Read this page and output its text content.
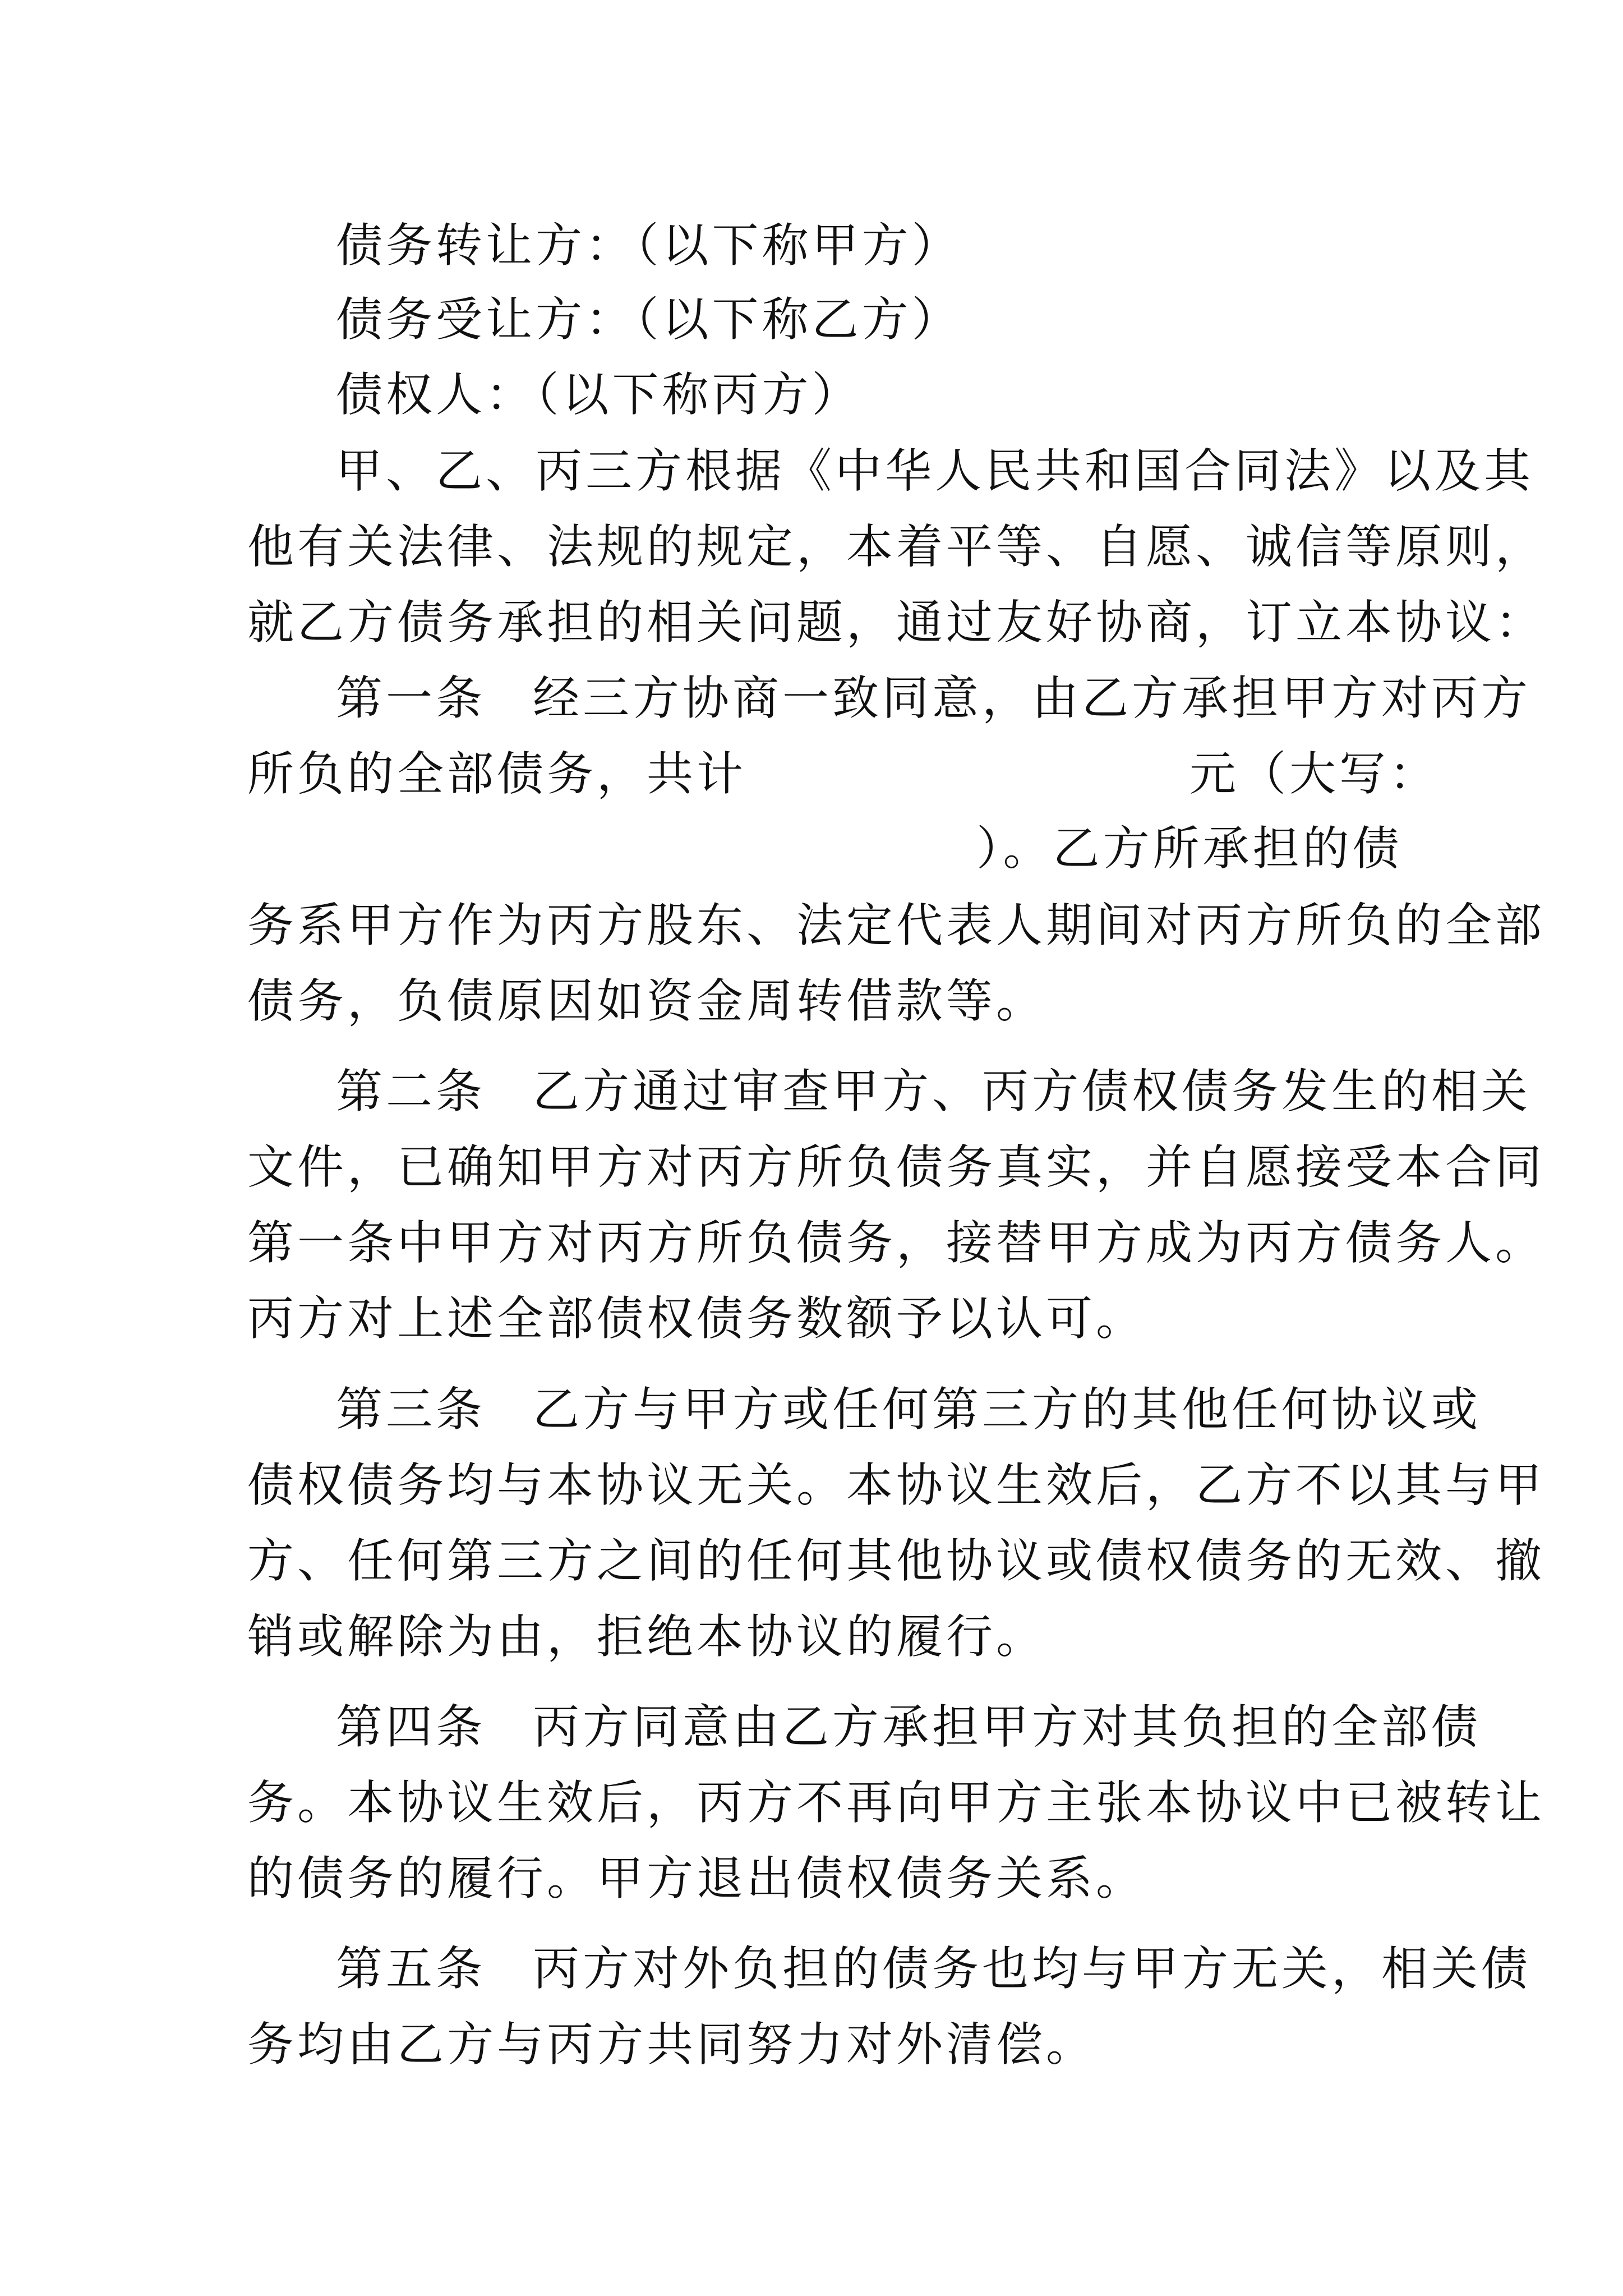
债务转让方：（以下称甲方）
债务受让方：（以下称乙方）
债权人：（以下称丙方）
甲、乙、丙三方根据《中华人民共和国合同法》以及其
他有关法律、法规的规定，本着平等、自愿、诚信等原则，
就乙方债务承担的相关问题，通过友好协商，订立本协议：
第一条 经三方协商一致同意，由乙方承担甲方对丙方
所负的全部债务，共计	元（大写：
）。乙方所承担的债
务系甲方作为丙方股东、法定代表人期间对丙方所负的全部
债务，负债原因如资金周转借款等。
第二条 乙方通过审查甲方、丙方债权债务发生的相关
文件，已确知甲方对丙方所负债务真实，并自愿接受本合同
第一条中甲方对丙方所负债务，接替甲方成为丙方债务人。
丙方对上述全部债权债务数额予以认可。
第三条 乙方与甲方或任何第三方的其他任何协议或
债权债务均与本协议无关。本协议生效后，乙方不以其与甲
方、任何第三方之间的任何其他协议或债权债务的无效、撤
销或解除为由，拒绝本协议的履行。
第四条 丙方同意由乙方承担甲方对其负担的全部债
务。本协议生效后，丙方不再向甲方主张本协议中已被转让
的债务的履行。甲方退出债权债务关系。
第五条 丙方对外负担的债务也均与甲方无关，相关债
务均由乙方与丙方共同努力对外清偿。
